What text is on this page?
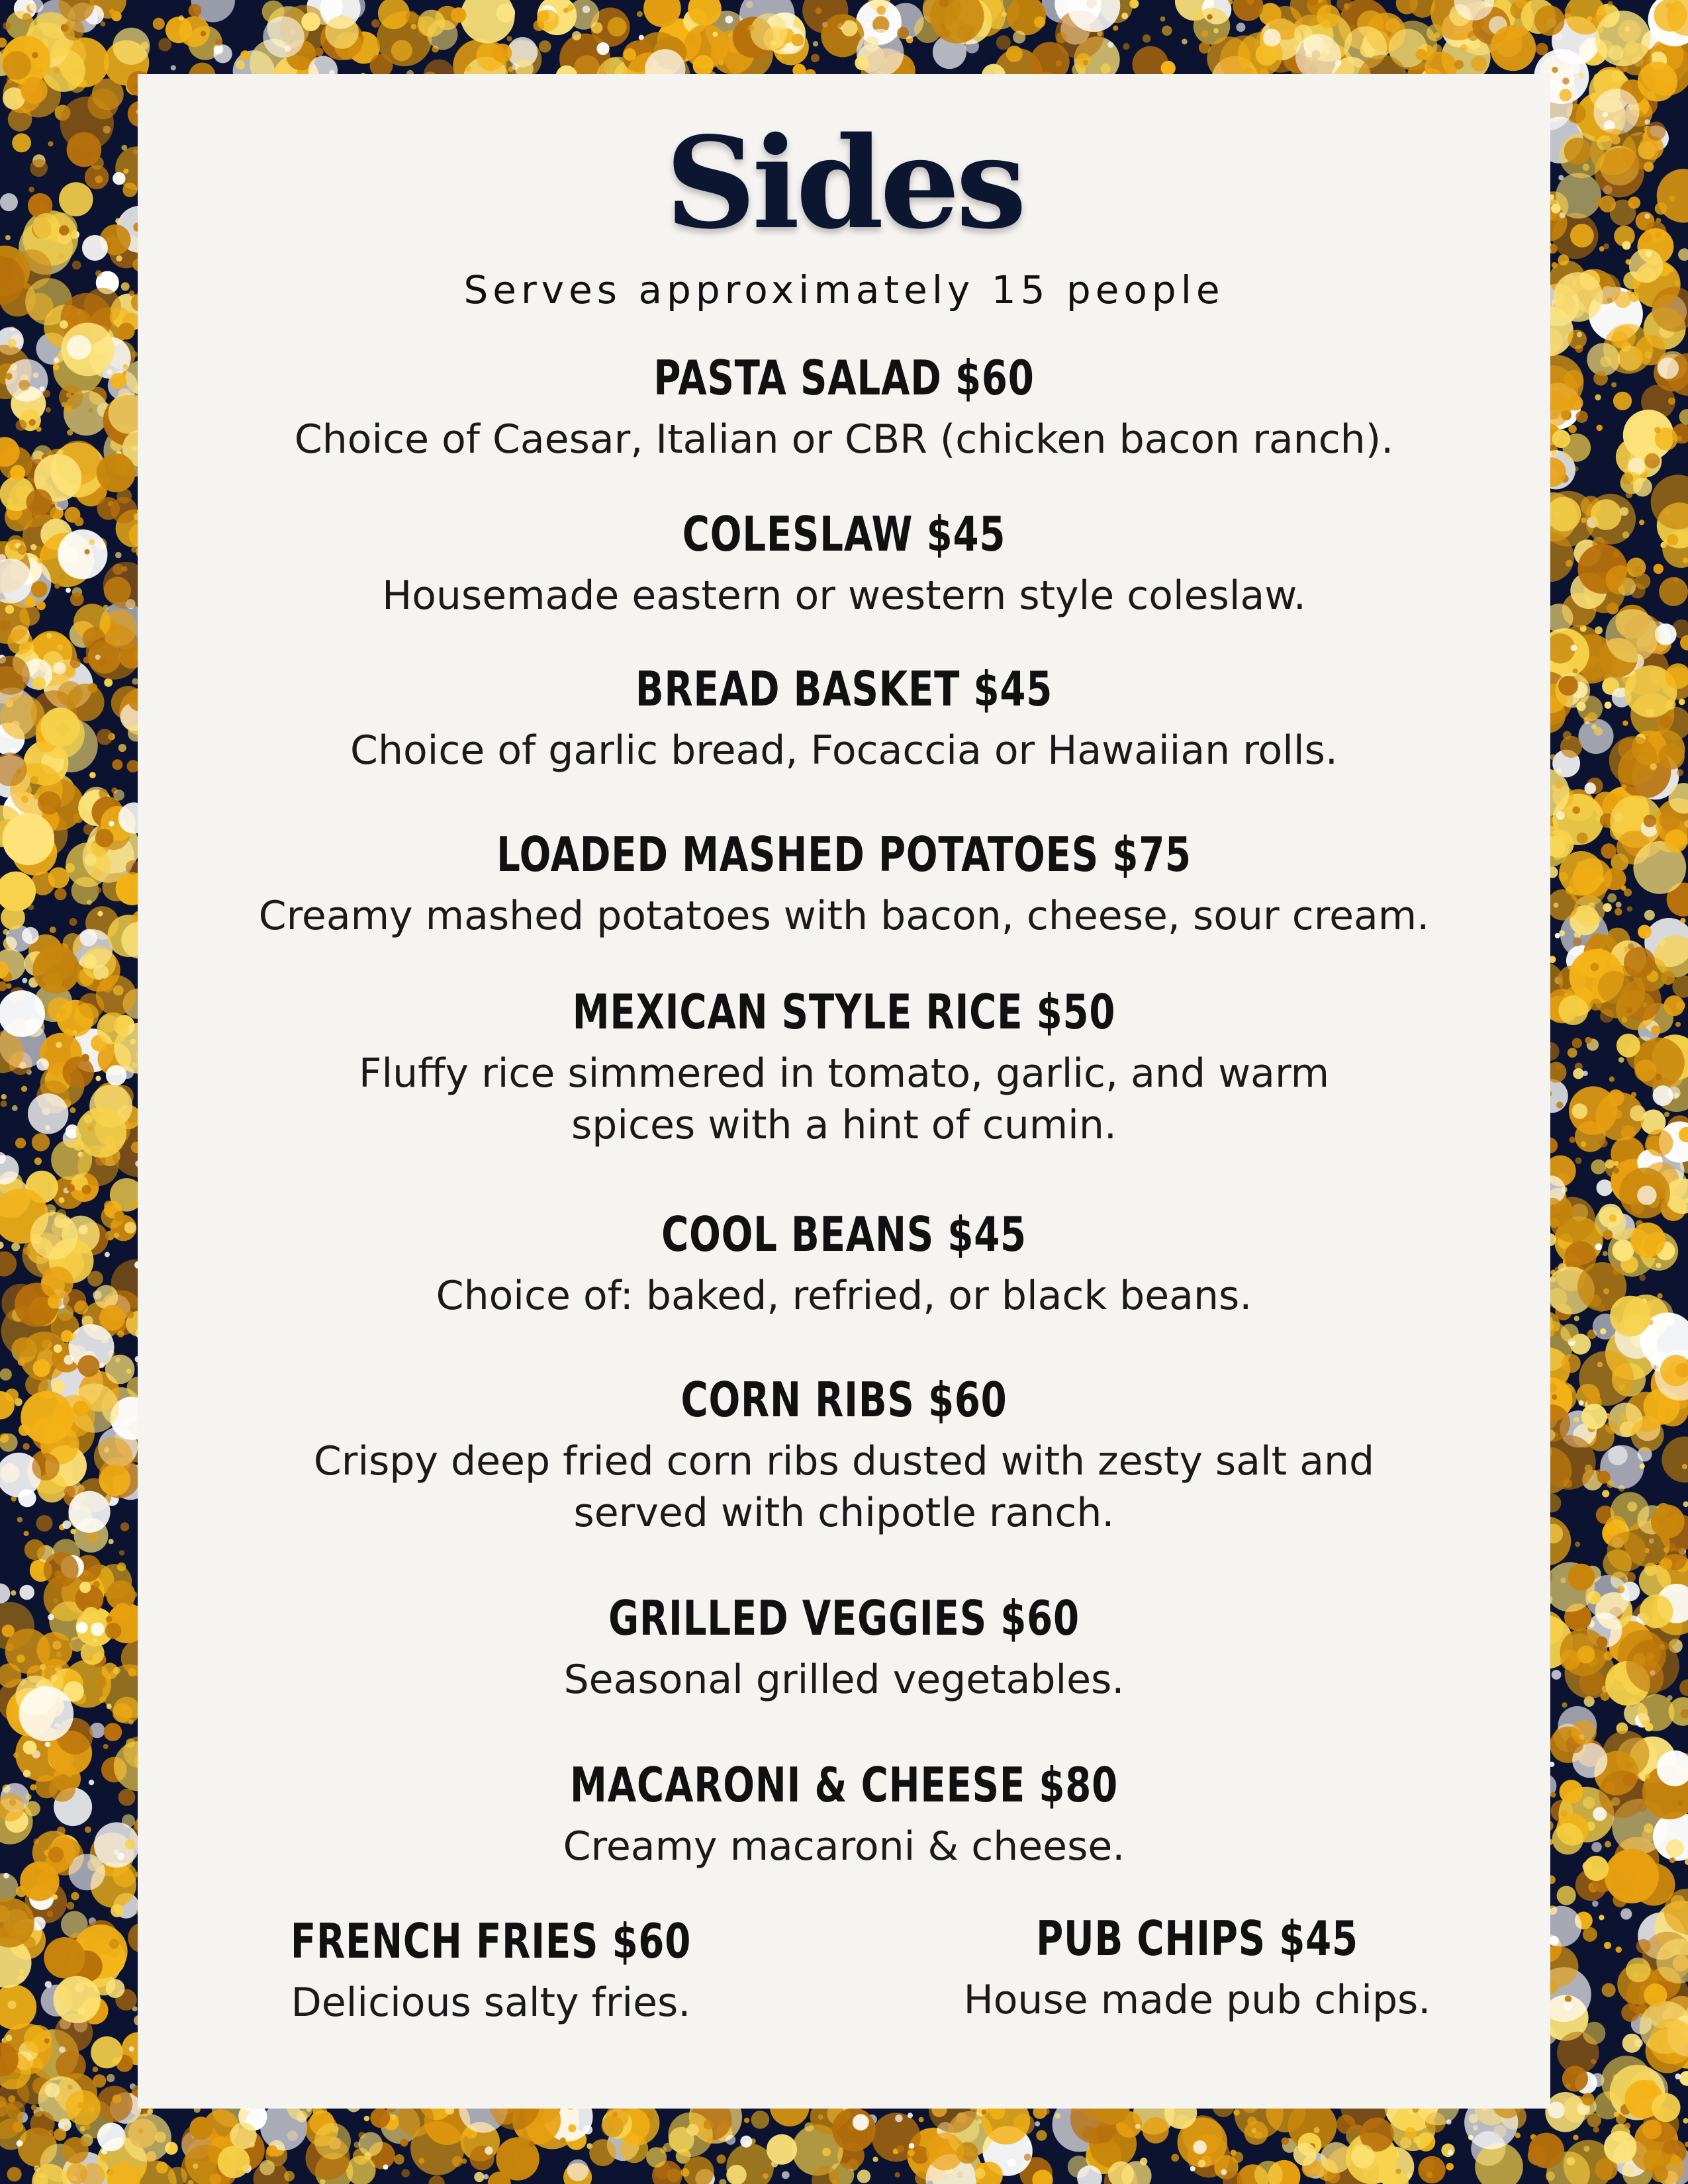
Sides
Serves approximately 15 people
PASTA SALAD $60
Choice of Caesar, Italian or CBR (chicken bacon ranch).
COLESLAW $45
Housemade eastern or western style coleslaw.
BREAD BASKET $45
Choice of garlic bread, Focaccia or Hawaiian rolls.
LOADED MASHED POTATOES $75
Creamy mashed potatoes with bacon, cheese, sour cream.
MEXICAN STYLE RICE $50
Fluffy rice simmered in tomato, garlic, and warm
spices with a hint of cumin.
COOL BEANS $45
Choice of: baked, refried, or black beans.
CORN RIBS $60
Crispy deep fried corn ribs dusted with zesty salt and
served with chipotle ranch.
GRILLED VEGGIES $60
Seasonal grilled vegetables.
MACARONI & CHEESE $80
Creamy macaroni & cheese.
FRENCH FRIES $60
Delicious salty fries.
PUB CHIPS $45
House made pub chips.
